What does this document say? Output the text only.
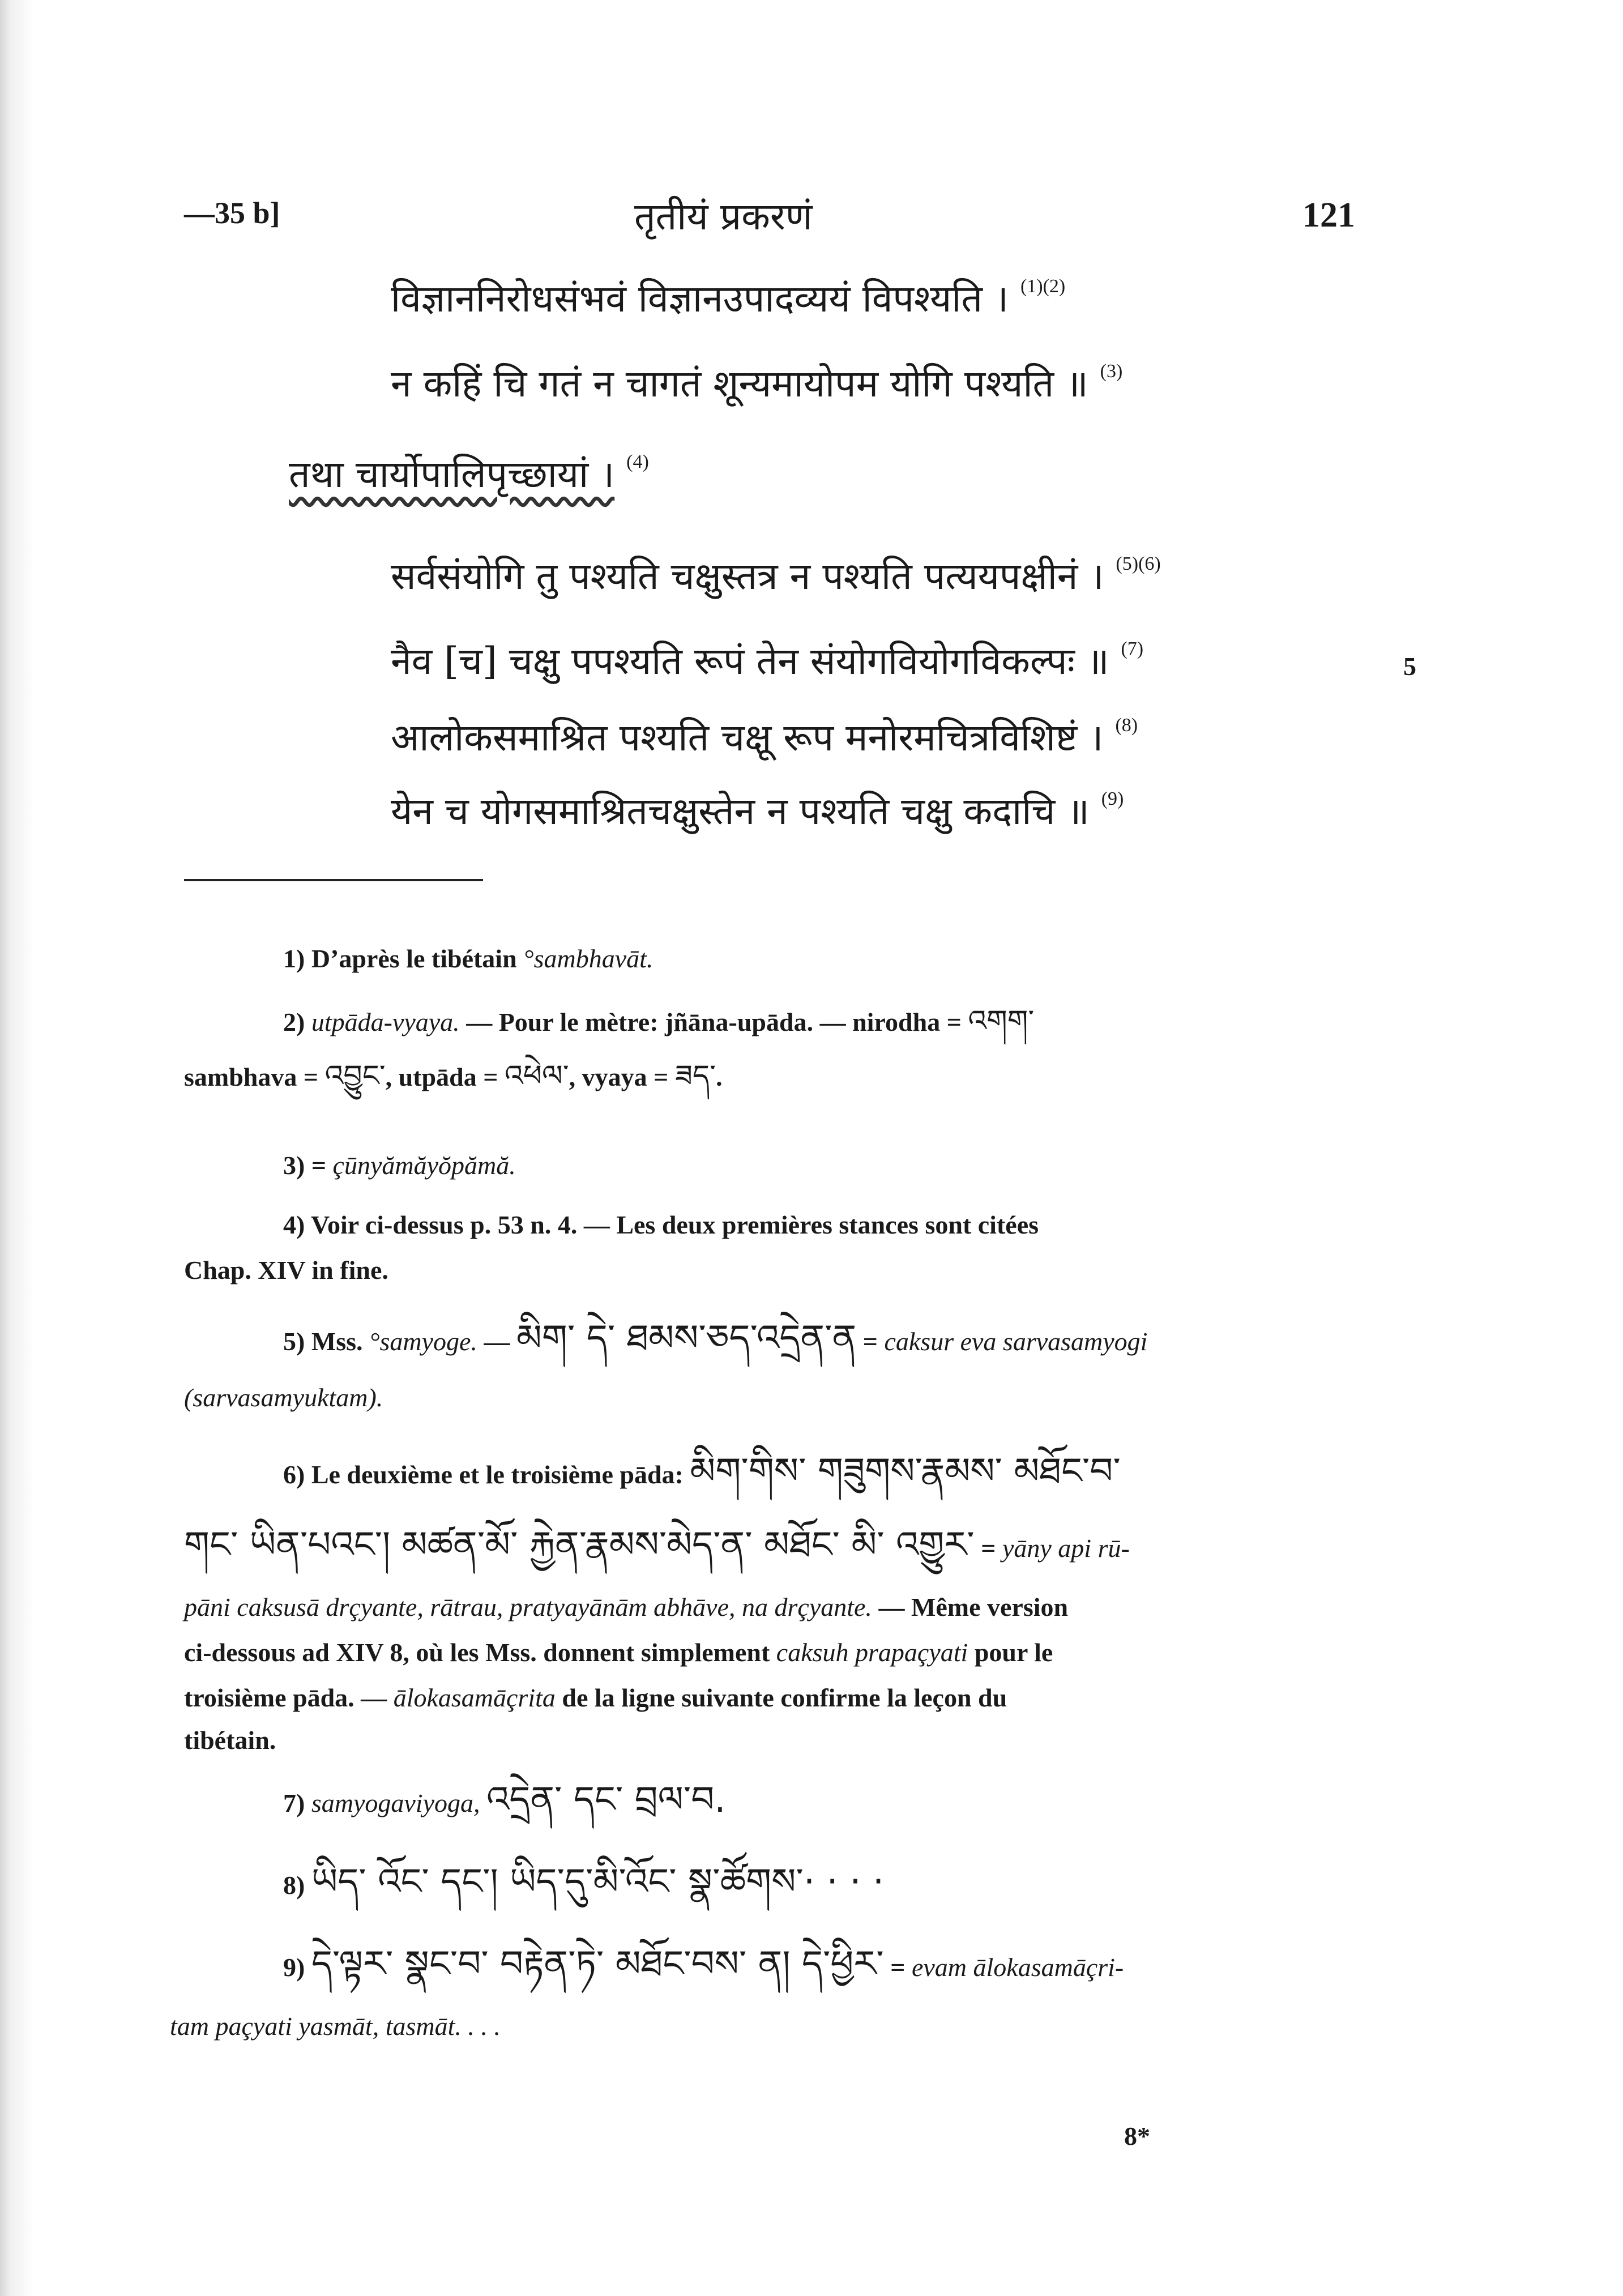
—35 b]	तृतीयं प्रकरणं	121
विज्ञाननिरोधसंभवं विज्ञानउपादव्ययं विपश्यति । $^{(1)(2)}$
न कहिं चि गतं न चागतं शून्यमायोपम योगि पश्यति ॥ $^{(3)}$
तथा चार्योपालिपृच्छायां । $^{(4)}$
सर्वसंयोगि तु पश्यति चक्षुस्तत्र न पश्यति पत्ययपक्षीनं । $^{(5)(6)}$
नैव [च] चक्षु पपश्यति रूपं तेन संयोगवियोगविकल्पः ॥ $^{(7)}$
आलोकसमाश्रित पश्यति चक्षू रूप मनोरमचित्रविशिष्टं । $^{(8)}$
येन च योगसमाश्रितचक्षुस्तेन न पश्यति चक्षु कदाचि ॥ $^{(9)}$
5
1) D’après le tibétain °sambhavāt.
2) utpāda-vyaya. — Pour le mètre: jñāna-upāda. — nirodha = འགག་
sambhava = འབྱུང་, utpāda = འཕེལ་, vyaya = ཟད་.
3) = çūnyămăyŏpămă.
4) Voir ci-dessus p. 53 n. 4. — Les deux premières stances sont citées
Chap. XIV in fine.
5) Mss. °samyoge. — མིག་ དེ་ ཐམས་ཅད་འདྲེན་ན = caksur eva sarvasamyogi
(sarvasamyuktam).
6) Le deuxième et le troisième pāda: མིག་གིས་ གཟུགས་རྣམས་ མཐོང་བ་
གང་ ཡིན་པའང་། མཚན་མོ་ རྐྱེན་རྣམས་མེད་ན་ མཐོང་ མི་ འགྱུར་ = yāny api rū-
pāni caksusā drçyante, rātrau, pratyayānām abhāve, na drçyante. — Même version
ci-dessous ad XIV 8, où les Mss. donnent simplement caksuh prapaçyati pour le
troisième pāda. — ālokasamāçrita de la ligne suivante confirme la leçon du
tibétain.
7) samyogaviyoga, འདྲེན་ དང་ བྲལ་བ.
8) ཡིད་ འོང་ དང་། ཡིད་དུ་མི་འོང་ སྣ་ཚོགས་· · · ·
9) དེ་ལྟར་ སྣང་བ་ བརྟེན་ཏེ་ མཐོང་བས་ ན། དེ་ཕྱིར་ = evam ālokasamāçri-
tam paçyati yasmāt, tasmāt. . . .
8*
